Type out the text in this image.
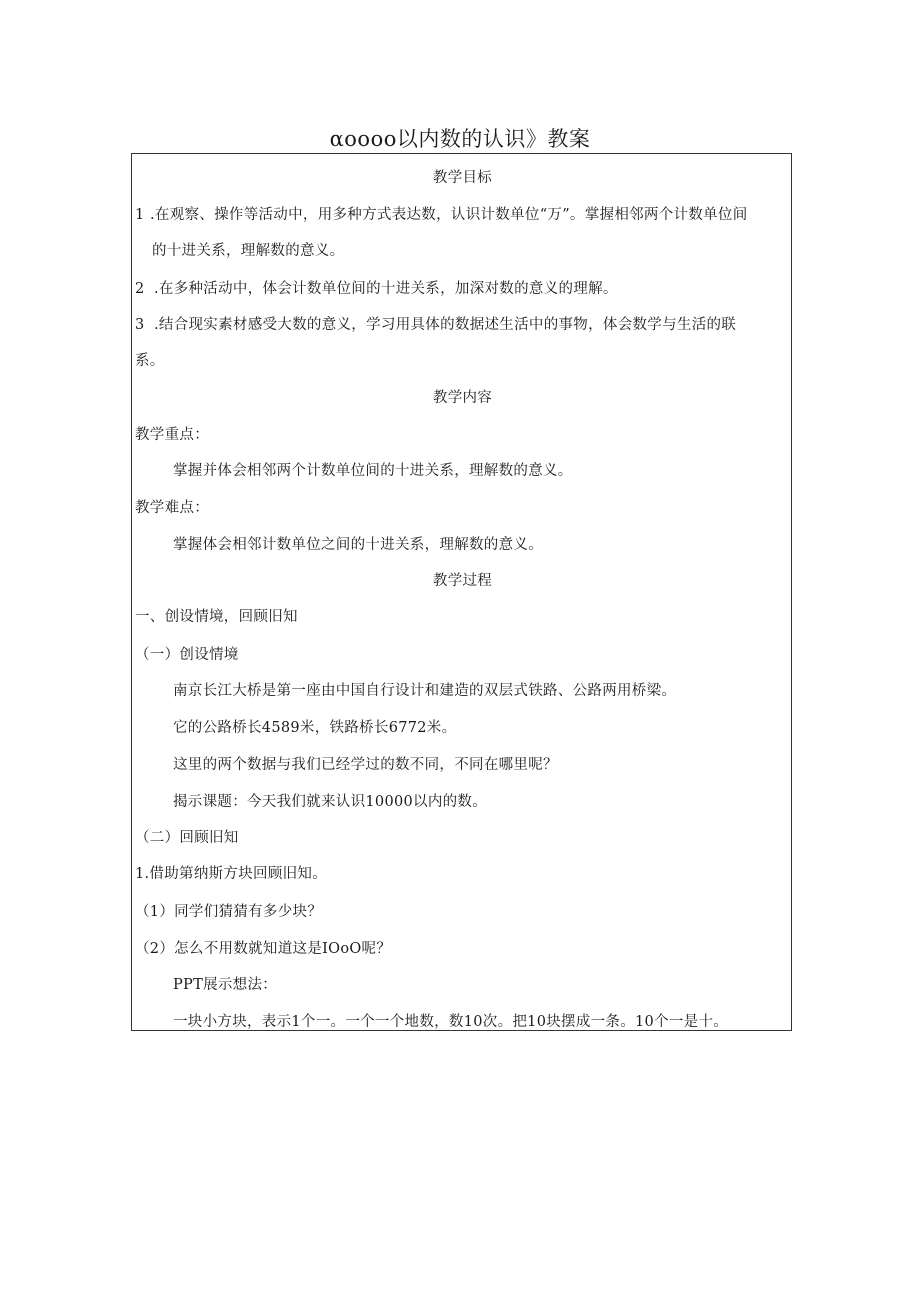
αoooo以内数的认识》教案
教学目标
1 .在观察、操作等活动中，用多种方式表达数，认识计数单位“万”。掌握相邻两个计数单位间
的十进关系，理解数的意义。
2 .在多种活动中，体会计数单位间的十进关系，加深对数的意义的理解。
3 .结合现实素材感受大数的意义，学习用具体的数据述生活中的事物，体会数学与生活的联
系。
教学内容
教学重点：
掌握并体会相邻两个计数单位间的十进关系，理解数的意义。
教学难点：
掌握体会相邻计数单位之间的十进关系，理解数的意义。
教学过程
一、创设情境，回顾旧知
（一）创设情境
南京长江大桥是第一座由中国自行设计和建造的双层式铁路、公路两用桥梁。
它的公路桥长4589米，铁路桥长6772米。
这里的两个数据与我们已经学过的数不同，不同在哪里呢？
揭示课题：今天我们就来认识10000以内的数。
（二）回顾旧知
1.借助第纳斯方块回顾旧知。
（1）同学们猜猜有多少块？
（2）怎么不用数就知道这是IOoO呢？
PPT展示想法：
一块小方块，表示1个一。一个一个地数，数10次。把10块摆成一条。10个一是十。
